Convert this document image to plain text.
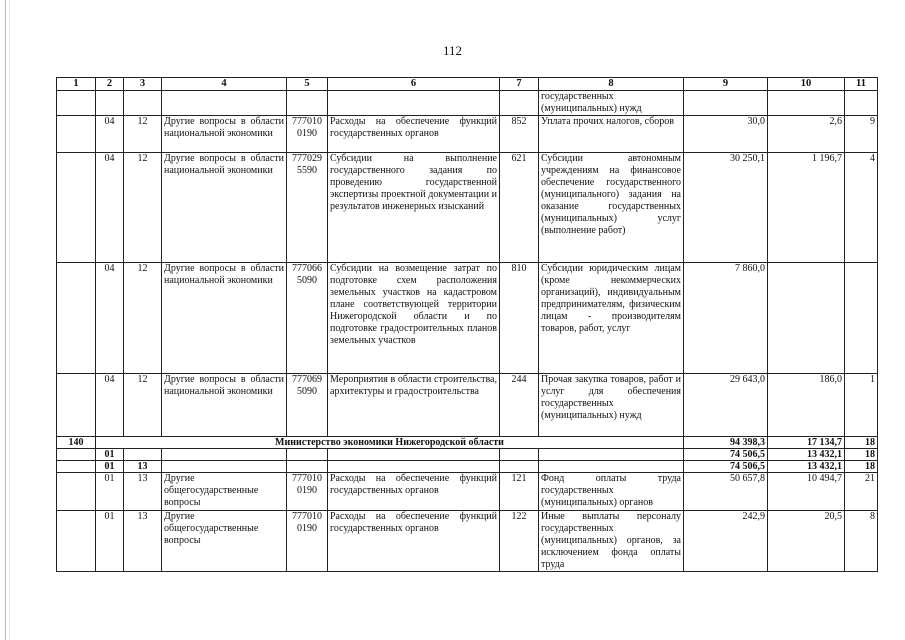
112
1	2	3	4	5	6	7	8	9	10	11
							государственных (муниципальных) нужд			
	04	12	Другие вопросы в области национальной экономики	777010 0190	Расходы на обеспечение функций государственных органов	852	Уплата прочих налогов, сборов	30,0	2,6	9
	04	12	Другие вопросы в области национальной экономики	777029 5590	Субсидии на выполнение государственного задания по проведению государственной экспертизы проектной документации и результатов инженерных изысканий	621	Субсидии автономным учреждениям на финансовое обеспечение государственного (муниципального) задания на оказание государственных (муниципальных) услуг (выполнение работ)	30 250,1	1 196,7	4
	04	12	Другие вопросы в области национальной экономики	777066 5090	Субсидии на возмещение затрат по подготовке схем расположения земельных участков на кадастровом плане соответствующей территории Нижегородской области и по подготовке градостроительных планов земельных участков	810	Субсидии юридическим лицам (кроме некоммерческих организаций), индивидуальным предпринимателям, физическим лицам - производителям товаров, работ, услуг	7 860,0		
	04	12	Другие вопросы в области национальной экономики	777069 5090	Мероприятия в области строительства, архитектуры и градостроительства	244	Прочая закупка товаров, работ и услуг для обеспечения государственных (муниципальных) нужд	29 643,0	186,0	1
140	Министерство экономики Нижегородской области							94 398,3	17 134,7	18
	01							74 506,5	13 432,1	18
	01	13						74 506,5	13 432,1	18
	01	13	Другие общегосударственные вопросы	777010 0190	Расходы на обеспечение функций государственных органов	121	Фонд оплаты труда государственных (муниципальных) органов	50 657,8	10 494,7	21
	01	13	Другие общегосударственные вопросы	777010 0190	Расходы на обеспечение функций государственных органов	122	Иные выплаты персоналу государственных (муниципальных) органов, за исключением фонда оплаты труда	242,9	20,5	8
